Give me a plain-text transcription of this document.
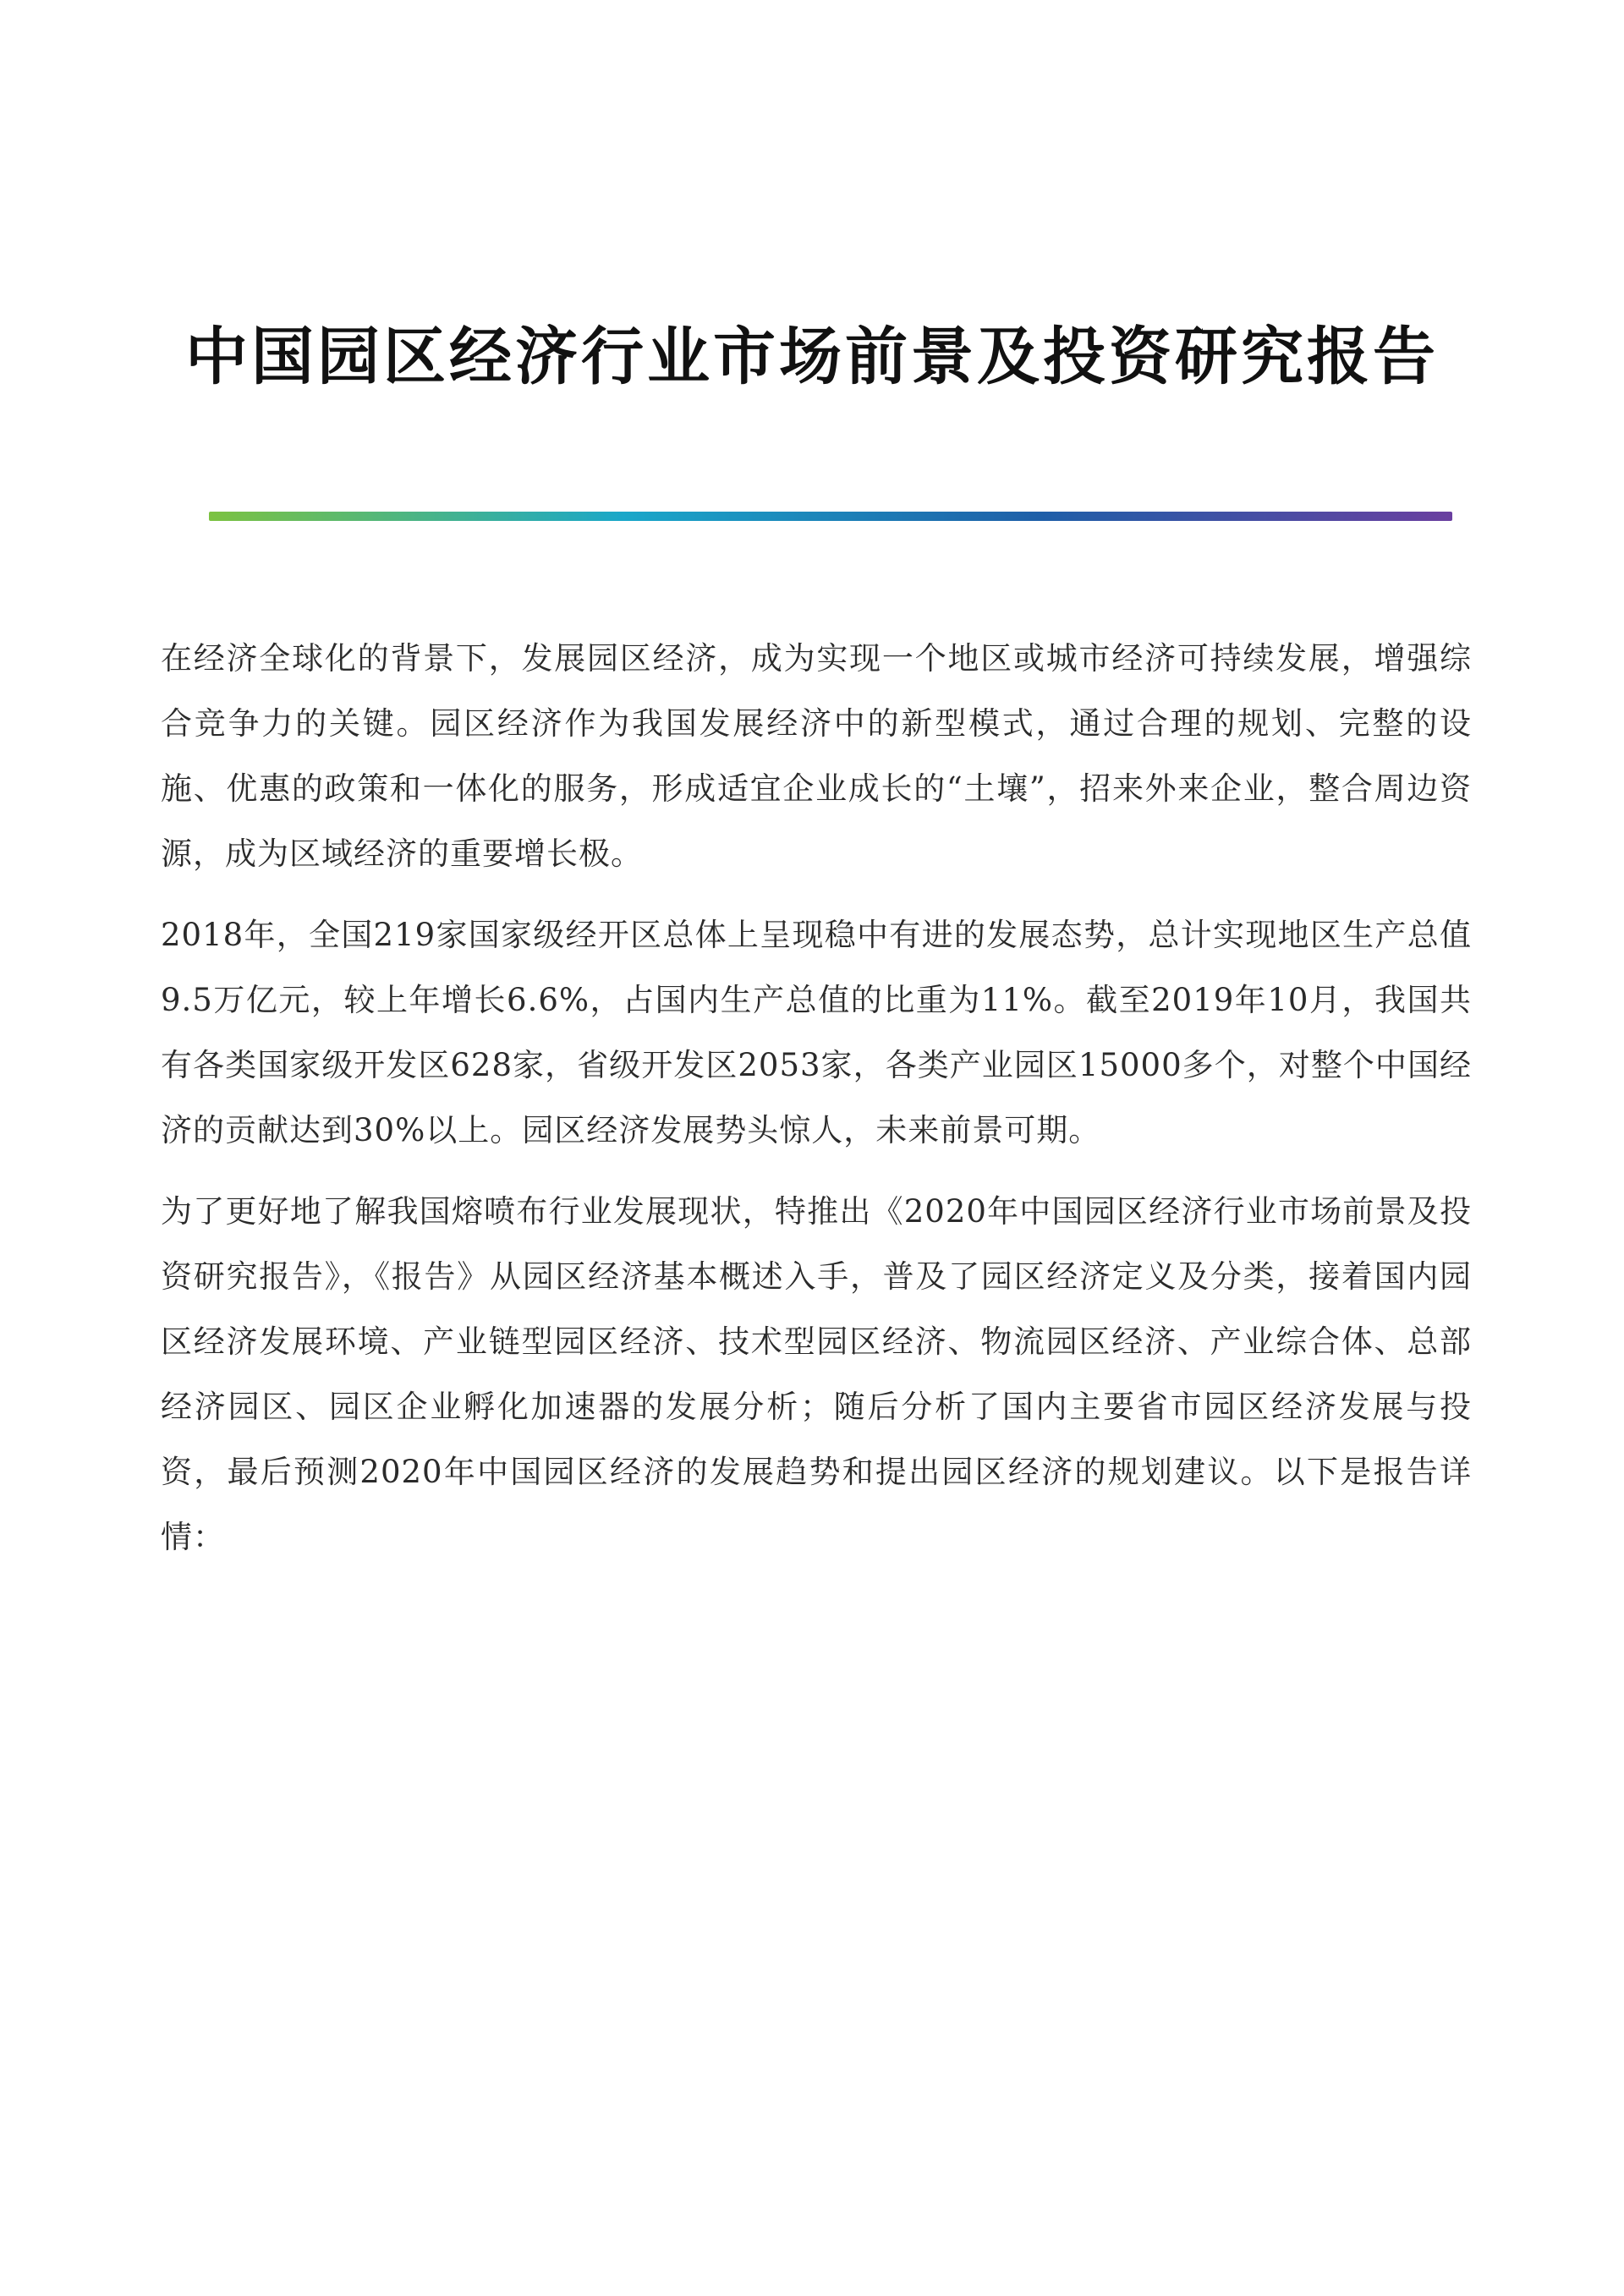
中国园区经济行业市场前景及投资研究报告

在经济全球化的背景下，发展园区经济，成为实现一个地区或城市经济可持续发展，增强综合竞争力的关键。园区经济作为我国发展经济中的新型模式，通过合理的规划、完整的设施、优惠的政策和一体化的服务，形成适宜企业成长的“土壤”，招来外来企业，整合周边资源，成为区域经济的重要增长极。

2018年，全国219家国家级经开区总体上呈现稳中有进的发展态势，总计实现地区生产总值9.5万亿元，较上年增长6.6%，占国内生产总值的比重为11%。截至2019年10月，我国共有各类国家级开发区628家，省级开发区2053家，各类产业园区15000多个，对整个中国经济的贡献达到30%以上。园区经济发展势头惊人，未来前景可期。

为了更好地了解我国熔喷布行业发展现状，特推出《2020年中国园区经济行业市场前景及投资研究报告》，《报告》从园区经济基本概述入手，普及了园区经济定义及分类，接着国内园区经济发展环境、产业链型园区经济、技术型园区经济、物流园区经济、产业综合体、总部经济园区、园区企业孵化加速器的发展分析；随后分析了国内主要省市园区经济发展与投资，最后预测2020年中国园区经济的发展趋势和提出园区经济的规划建议。以下是报告详情：
